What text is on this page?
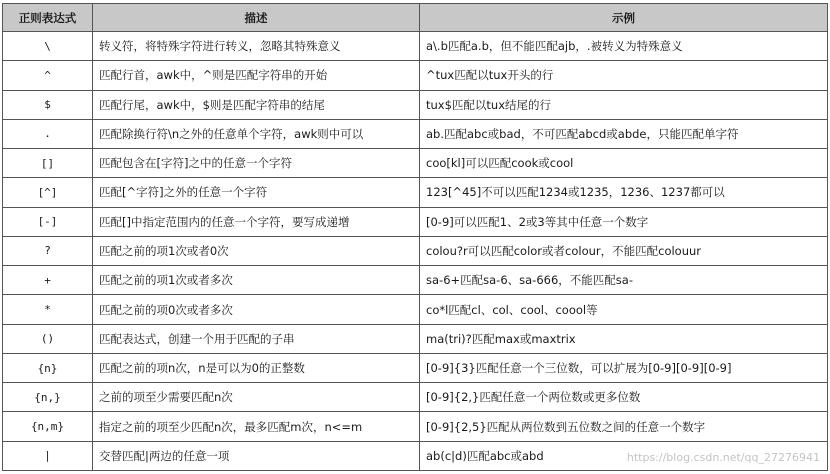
正则表达式	描述	示例
\	转义符，将特殊字符进行转义，忽略其特殊意义	a\.b匹配a.b，但不能匹配ajb，.被转义为特殊意义
^	匹配行首，awk中，^则是匹配字符串的开始	^tux匹配以tux开头的行
$	匹配行尾，awk中，$则是匹配字符串的结尾	tux$匹配以tux结尾的行
.	匹配除换行符\n之外的任意单个字符，awk则中可以	ab.匹配abc或bad，不可匹配abcd或abde，只能匹配单字符
[]	匹配包含在[字符]之中的任意一个字符	coo[kl]可以匹配cook或cool
[^]	匹配[^字符]之外的任意一个字符	123[^45]不可以匹配1234或1235，1236、1237都可以
[-]	匹配[]中指定范围内的任意一个字符，要写成递增	[0-9]可以匹配1、2或3等其中任意一个数字
?	匹配之前的项1次或者0次	colou?r可以匹配color或者colour，不能匹配colouur
+	匹配之前的项1次或者多次	sa-6+匹配sa-6、sa-666，不能匹配sa-
*	匹配之前的项0次或者多次	co*l匹配cl、col、cool、coool等
()	匹配表达式，创建一个用于匹配的子串	ma(tri)?匹配max或maxtrix
{n}	匹配之前的项n次，n是可以为0的正整数	[0-9]{3}匹配任意一个三位数，可以扩展为[0-9][0-9][0-9]
{n,}	之前的项至少需要匹配n次	[0-9]{2,}匹配任意一个两位数或更多位数
{n,m}	指定之前的项至少匹配n次，最多匹配m次，n<=m	[0-9]{2,5}匹配从两位数到五位数之间的任意一个数字
|	交替匹配|两边的任意一项	ab(c|d)匹配abc或abd	https://blog.csdn.net/qq_27276941
